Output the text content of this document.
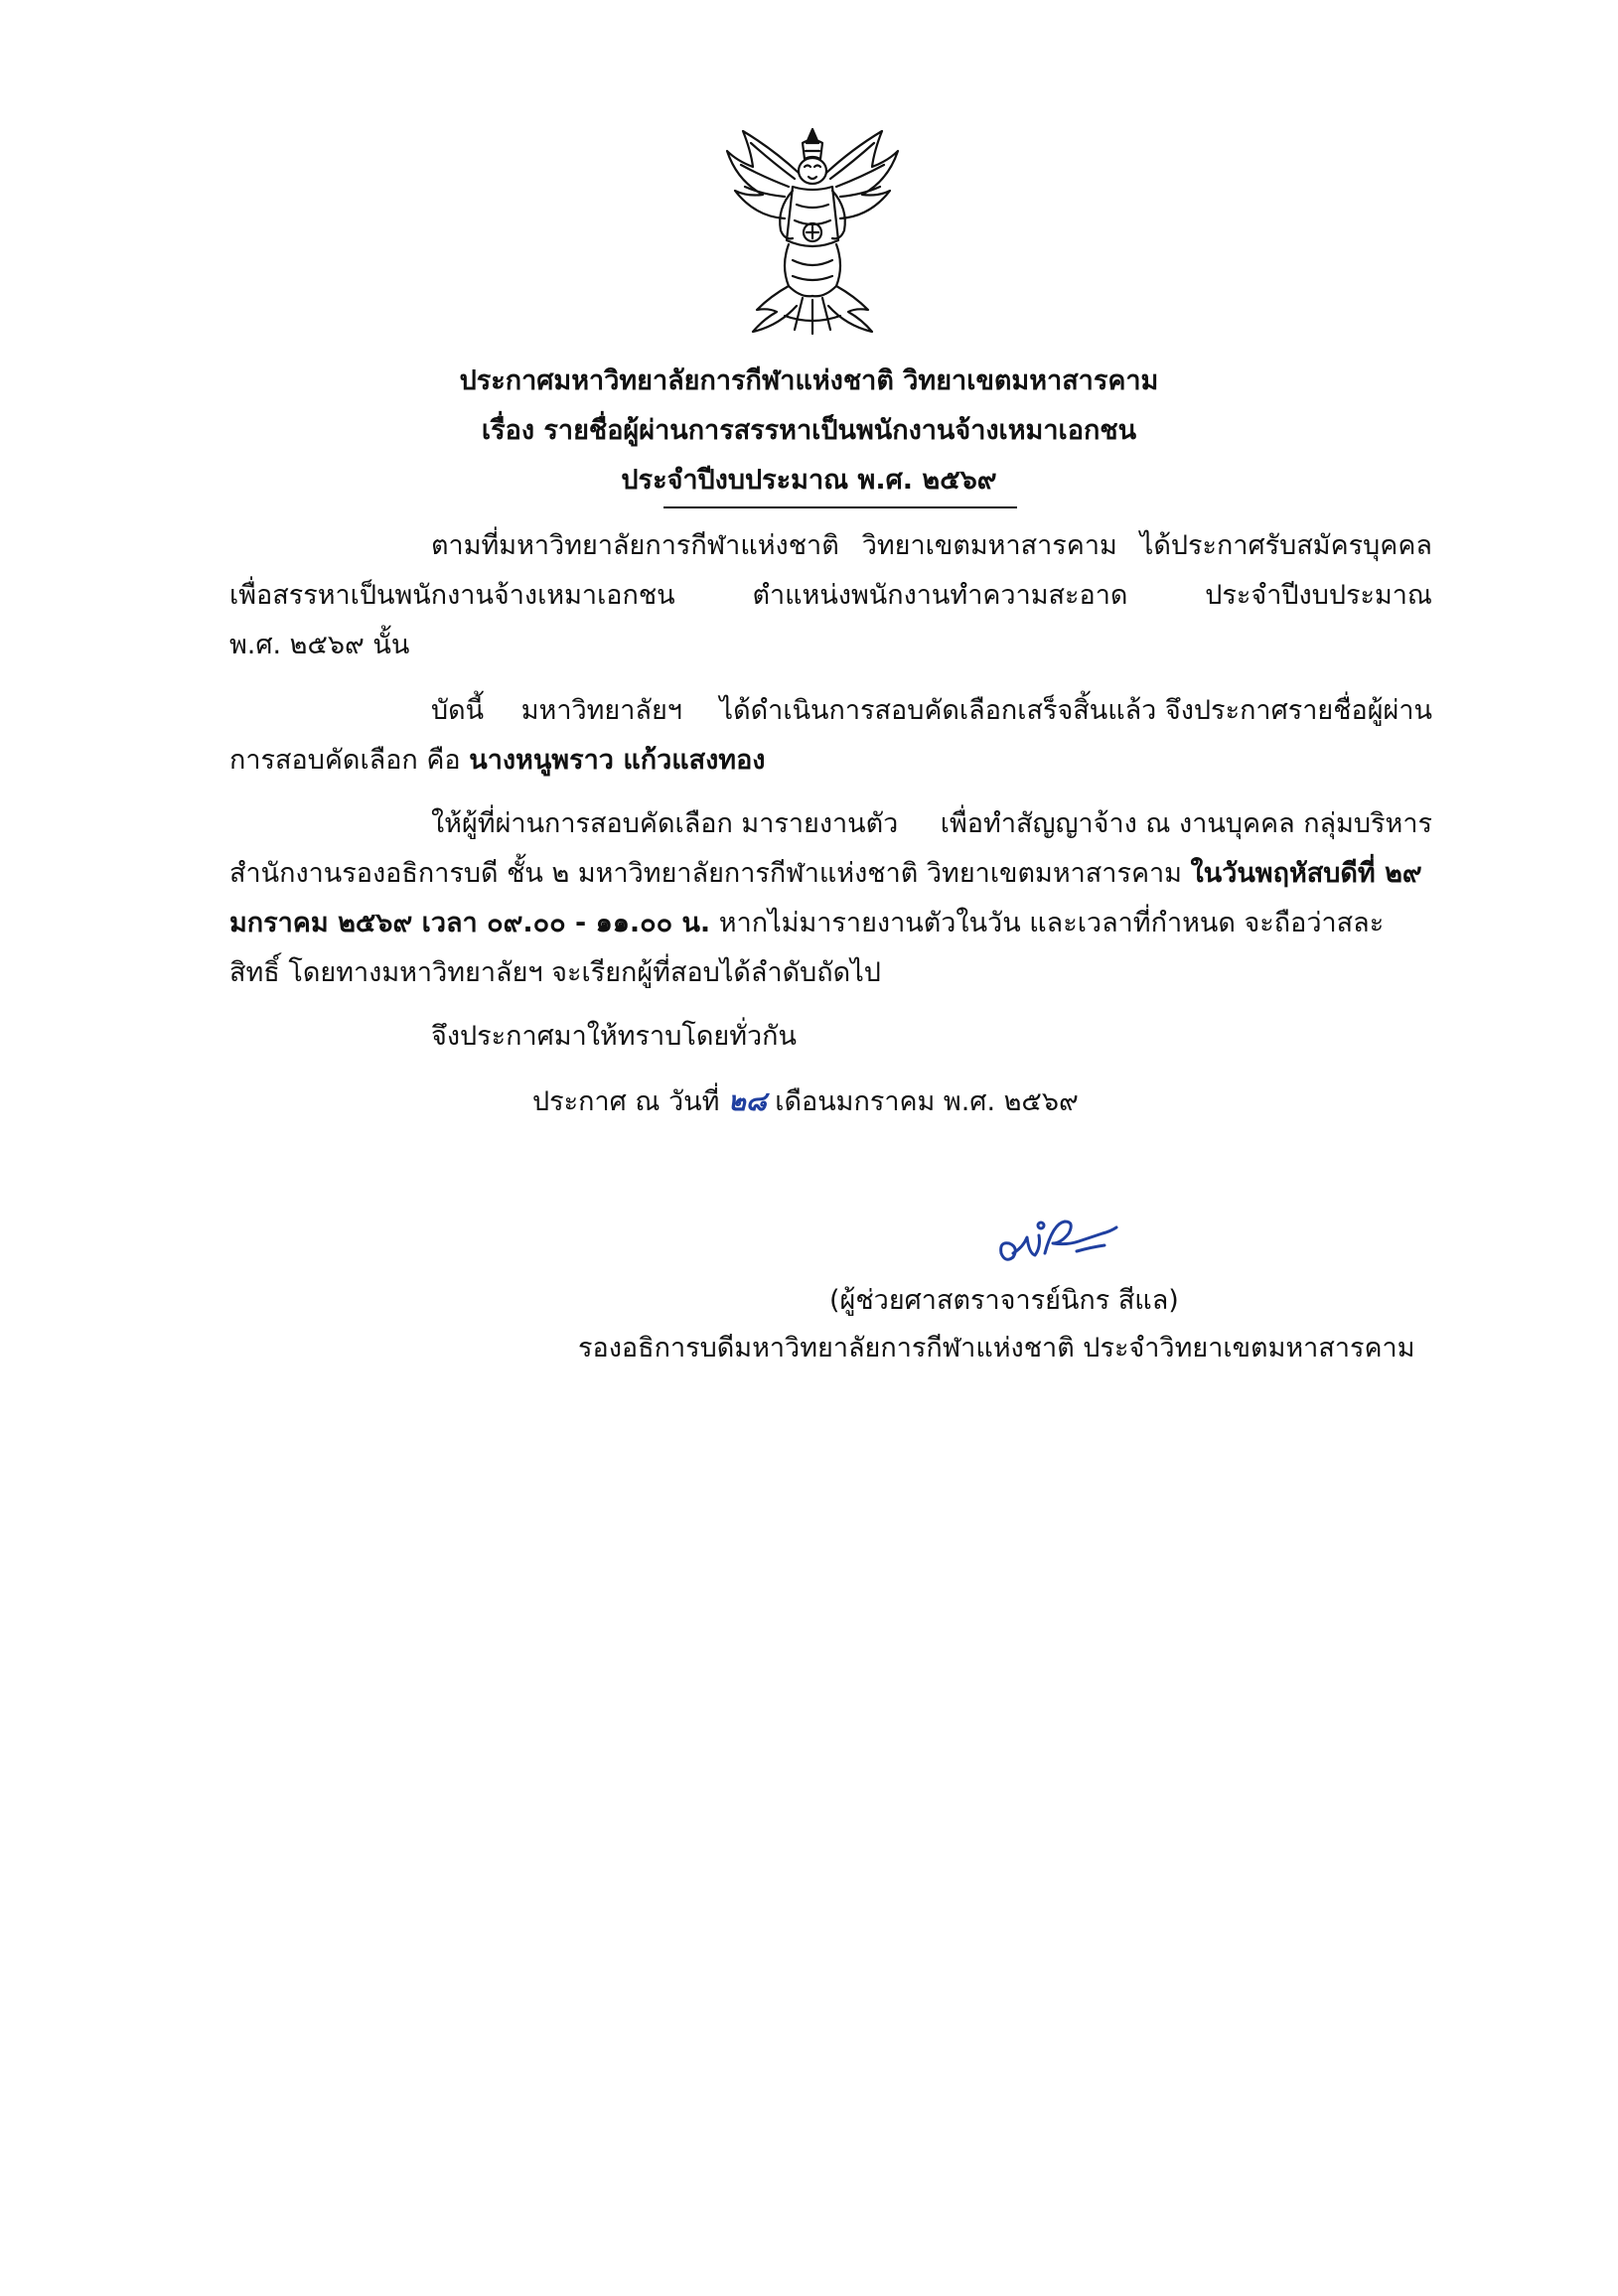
ประกาศมหาวิทยาลัยการกีฬาแห่งชาติ วิทยาเขตมหาสารคาม
เรื่อง รายชื่อผู้ผ่านการสรรหาเป็นพนักงานจ้างเหมาเอกชน
ประจำปีงบประมาณ พ.ศ. ๒๕๖๙
ตามที่มหาวิทยาลัยการกีฬาแห่งชาติ วิทยาเขตมหาสารคาม ได้ประกาศรับสมัครบุคคล
เพื่อสรรหาเป็นพนักงานจ้างเหมาเอกชน	ตำแหน่งพนักงานทำความสะอาด	ประจำปีงบประมาณ
พ.ศ. ๒๕๖๙ นั้น
บัดนี้ มหาวิทยาลัยฯ ได้ดำเนินการสอบคัดเลือกเสร็จสิ้นแล้ว จึงประกาศรายชื่อผู้ผ่าน
การสอบคัดเลือก คือ นางหนูพราว แก้วแสงทอง
ให้ผู้ที่ผ่านการสอบคัดเลือก มารายงานตัว เพื่อทำสัญญาจ้าง ณ งานบุคคล กลุ่มบริหาร
สำนักงานรองอธิการบดี ชั้น ๒ มหาวิทยาลัยการกีฬาแห่งชาติ วิทยาเขตมหาสารคาม ในวันพฤหัสบดีที่ ๒๙
มกราคม ๒๕๖๙ เวลา ๐๙.๐๐ - ๑๑.๐๐ น. หากไม่มารายงานตัวในวัน และเวลาที่กำหนด จะถือว่าสละ
สิทธิ์ โดยทางมหาวิทยาลัยฯ จะเรียกผู้ที่สอบได้ลำดับถัดไป
จึงประกาศมาให้ทราบโดยทั่วกัน
ประกาศ ณ วันที่ ๒๘ เดือนมกราคม พ.ศ. ๒๕๖๙
(ผู้ช่วยศาสตราจารย์นิกร สีแล)
รองอธิการบดีมหาวิทยาลัยการกีฬาแห่งชาติ ประจำวิทยาเขตมหาสารคาม
